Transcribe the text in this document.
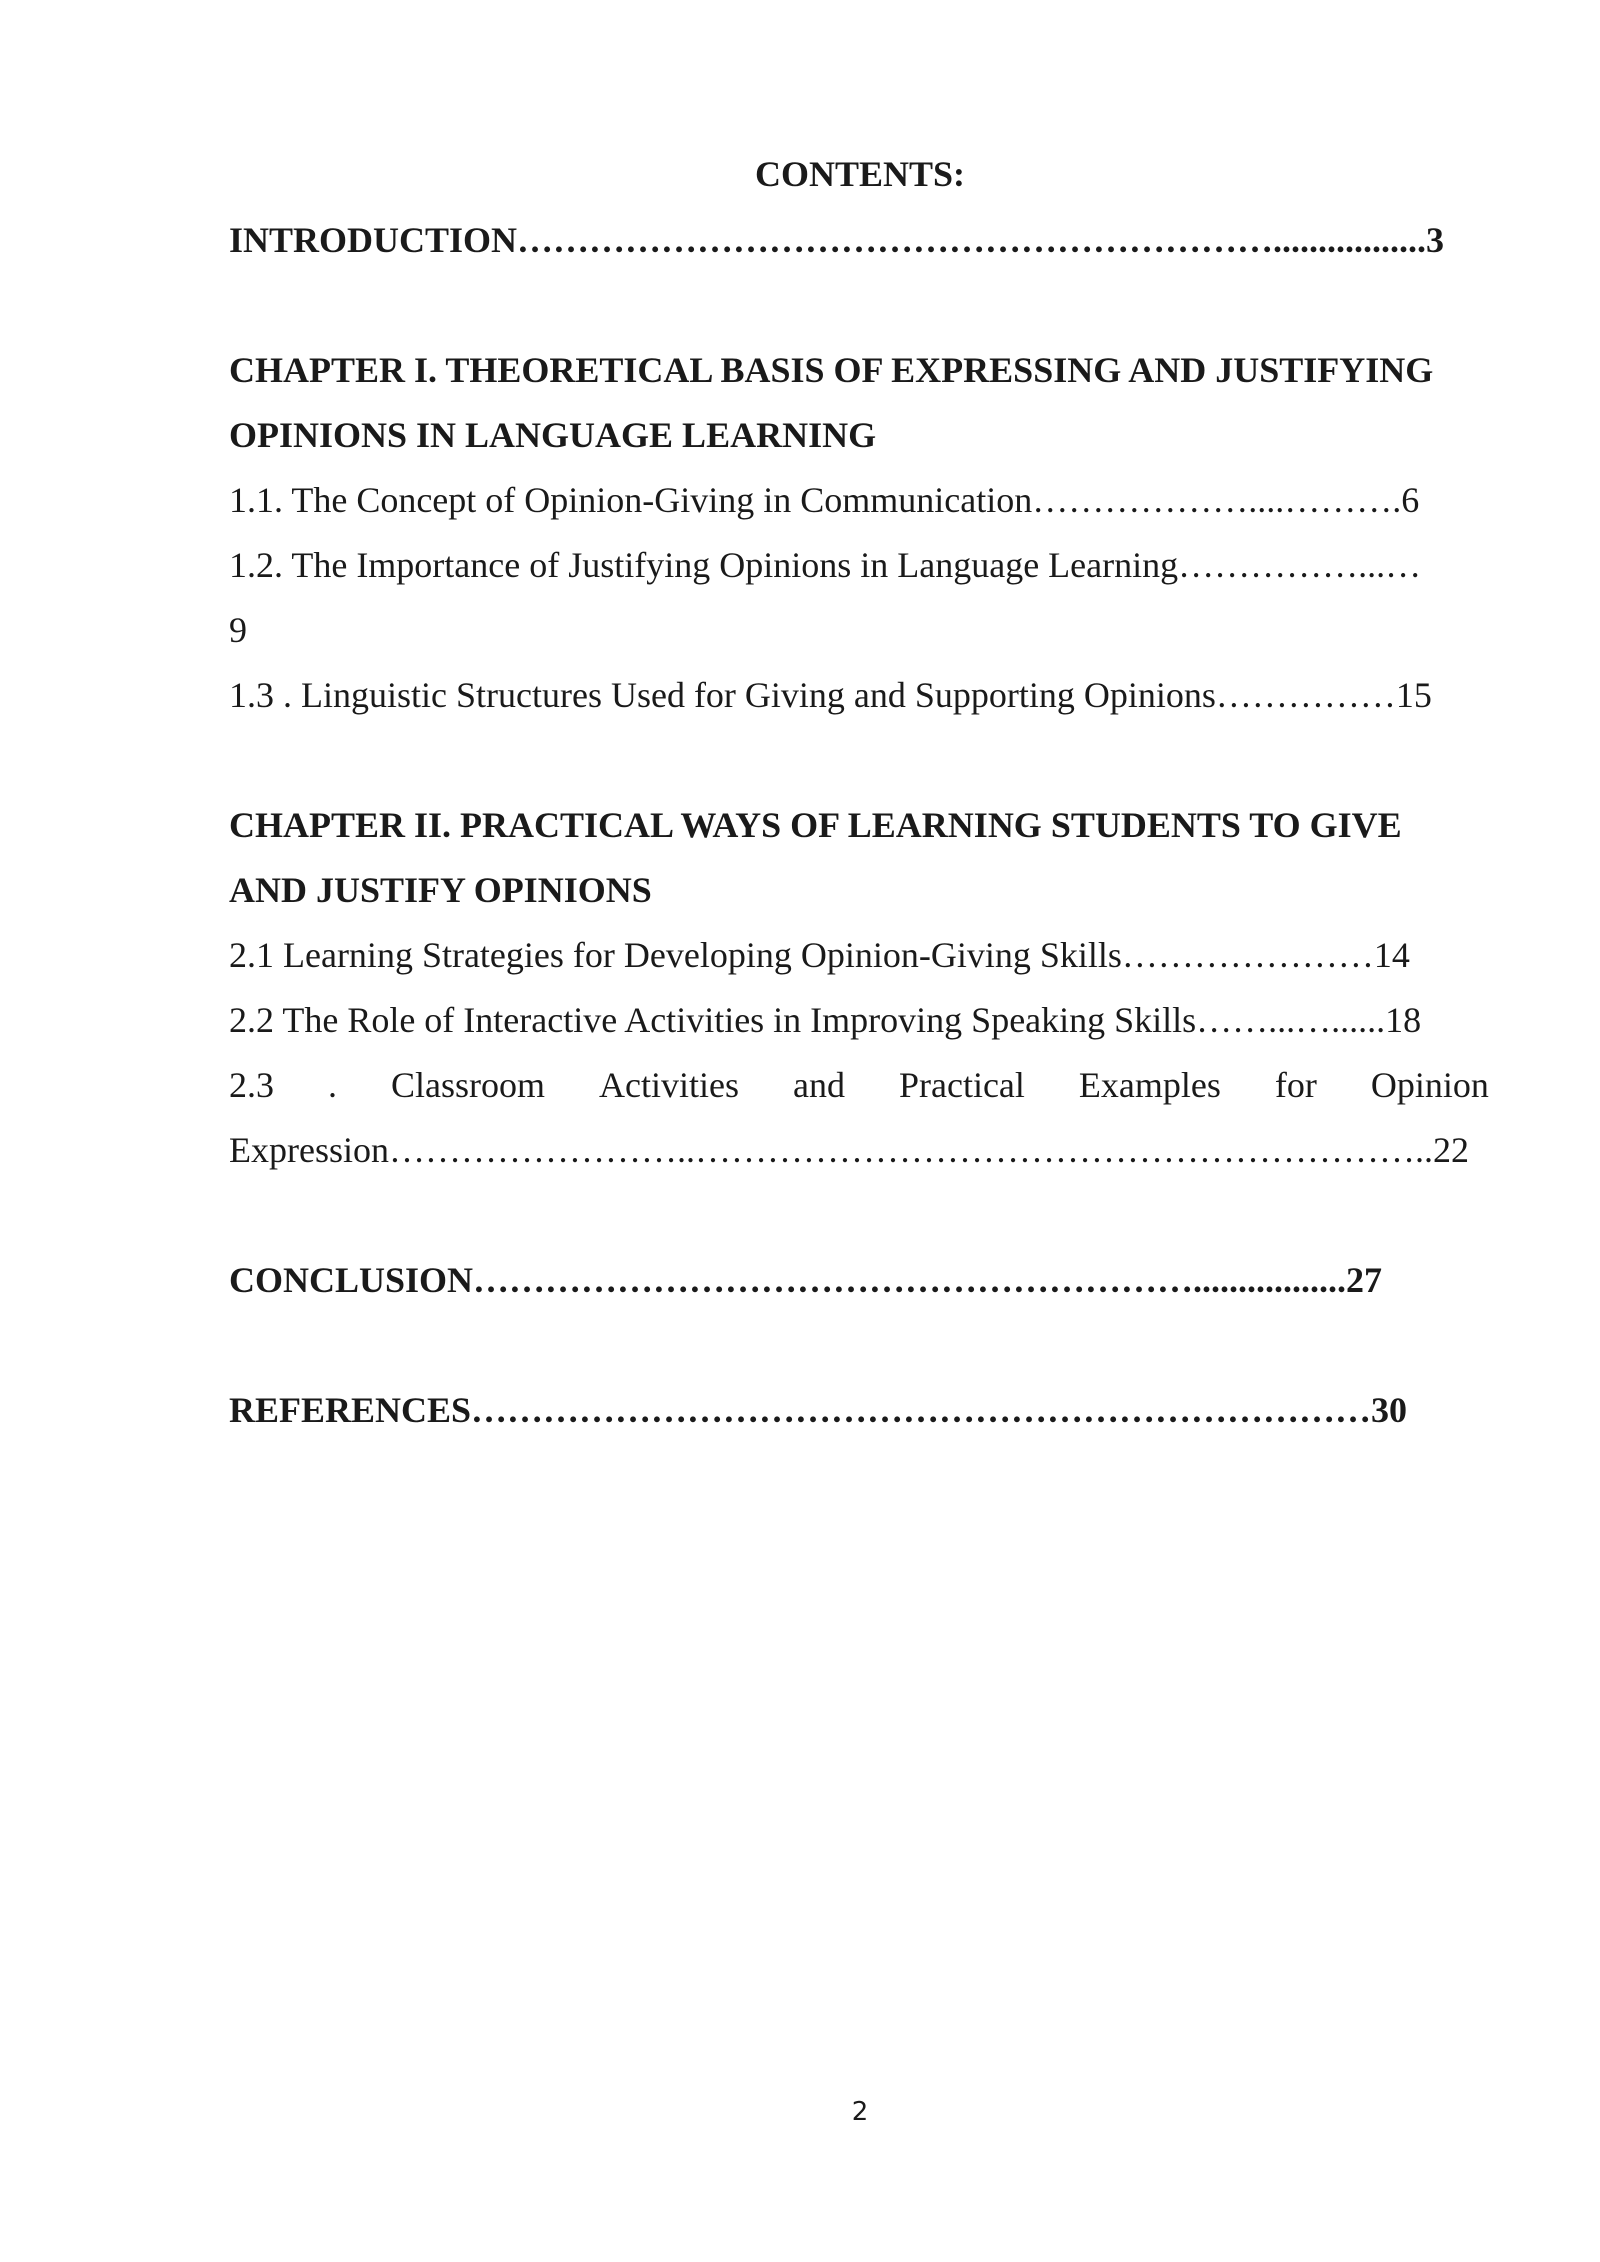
CONTENTS:
INTRODUCTION……………………………………………………….................3
CHAPTER I. THEORETICAL BASIS OF EXPRESSING AND JUSTIFYING
OPINIONS IN LANGUAGE LEARNING
1.1. The Concept of Opinion-Giving in Communication………………....……….6
1.2. The Importance of Justifying Opinions in Language Learning……………...…
9
1.3 . Linguistic Structures Used for Giving and Supporting Opinions……………15
CHAPTER II. PRACTICAL WAYS OF LEARNING STUDENTS TO GIVE
AND JUSTIFY OPINIONS
2.1 Learning Strategies for Developing Opinion-Giving Skills…………………14
2.2 The Role of Interactive Activities in Improving Speaking Skills……...…......18
2.3 . Classroom Activities and Practical Examples for Opinion
Expression……………………..……………………………………………………..22
CONCLUSION…………………………………………………….................27
REFERENCES…………………………………………………………………30
2
